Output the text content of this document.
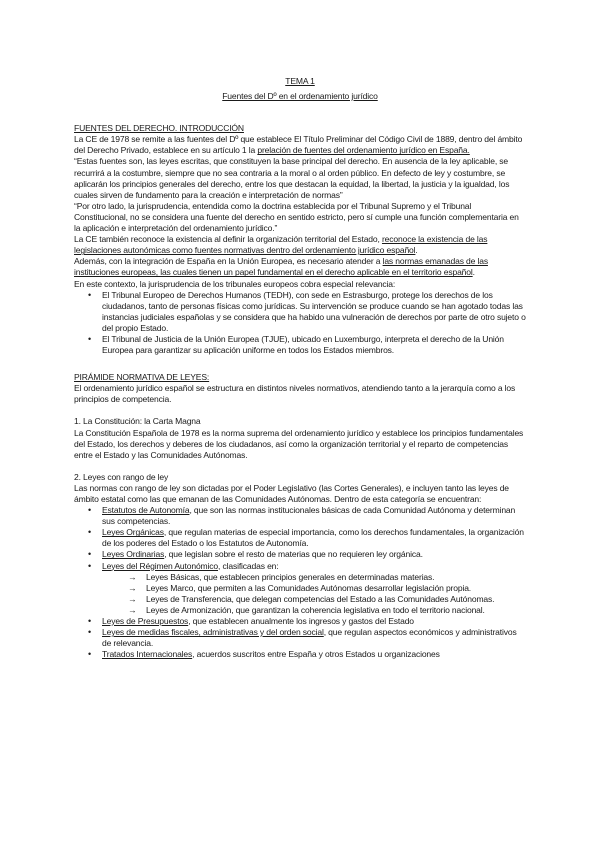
TEMA 1

Fuentes del Dº en el ordenamiento jurídico

FUENTES DEL DERECHO. INTRODUCCIÓN

La CE de 1978 se remite a las fuentes del Dº que establece El Título Preliminar del Código Civil de 1889, dentro del ámbito del Derecho Privado, establece en su artículo 1 la prelación de fuentes del ordenamiento jurídico en España.

“Estas fuentes son, las leyes escritas, que constituyen la base principal del derecho. En ausencia de la ley aplicable, se recurrirá a la costumbre, siempre que no sea contraria a la moral o al orden público. En defecto de ley y costumbre, se aplicarán los principios generales del derecho, entre los que destacan la equidad, la libertad, la justicia y la igualdad, los cuales sirven de fundamento para la creación e interpretación de normas”

“Por otro lado, la jurisprudencia, entendida como la doctrina establecida por el Tribunal Supremo y el Tribunal Constitucional, no se considera una fuente del derecho en sentido estricto, pero sí cumple una función complementaria en la aplicación e interpretación del ordenamiento jurídico.”

La CE también reconoce la existencia al definir la organización territorial del Estado, reconoce la existencia de las legislaciones autonómicas como fuentes normativas dentro del ordenamiento jurídico español.

Además, con la integración de España en la Unión Europea, es necesario atender a las normas emanadas de las instituciones europeas, las cuales tienen un papel fundamental en el derecho aplicable en el territorio español.

En este contexto, la jurisprudencia de los tribunales europeos cobra especial relevancia:

• El Tribunal Europeo de Derechos Humanos (TEDH), con sede en Estrasburgo, protege los derechos de los ciudadanos, tanto de personas físicas como jurídicas. Su intervención se produce cuando se han agotado todas las instancias judiciales españolas y se considera que ha habido una vulneración de derechos por parte de otro sujeto o del propio Estado.
• El Tribunal de Justicia de la Unión Europea (TJUE), ubicado en Luxemburgo, interpreta el derecho de la Unión Europea para garantizar su aplicación uniforme en todos los Estados miembros.

PIRÁMIDE NORMATIVA DE LEYES:

El ordenamiento jurídico español se estructura en distintos niveles normativos, atendiendo tanto a la jerarquía como a los principios de competencia.

1. La Constitución: la Carta Magna

La Constitución Española de 1978 es la norma suprema del ordenamiento jurídico y establece los principios fundamentales del Estado, los derechos y deberes de los ciudadanos, así como la organización territorial y el reparto de competencias entre el Estado y las Comunidades Autónomas.

2. Leyes con rango de ley

Las normas con rango de ley son dictadas por el Poder Legislativo (las Cortes Generales), e incluyen tanto las leyes de ámbito estatal como las que emanan de las Comunidades Autónomas. Dentro de esta categoría se encuentran:

• Estatutos de Autonomía, que son las normas institucionales básicas de cada Comunidad Autónoma y determinan sus competencias.
• Leyes Orgánicas, que regulan materias de especial importancia, como los derechos fundamentales, la organización de los poderes del Estado o los Estatutos de Autonomía.
• Leyes Ordinarias, que legislan sobre el resto de materias que no requieren ley orgánica.
• Leyes del Régimen Autonómico, clasificadas en:
→ Leyes Básicas, que establecen principios generales en determinadas materias.
→ Leyes Marco, que permiten a las Comunidades Autónomas desarrollar legislación propia.
→ Leyes de Transferencia, que delegan competencias del Estado a las Comunidades Autónomas.
→ Leyes de Armonización, que garantizan la coherencia legislativa en todo el territorio nacional.
• Leyes de Presupuestos, que establecen anualmente los ingresos y gastos del Estado
• Leyes de medidas fiscales, administrativas y del orden social, que regulan aspectos económicos y administrativos de relevancia.
• Tratados Internacionales, acuerdos suscritos entre España y otros Estados u organizaciones
